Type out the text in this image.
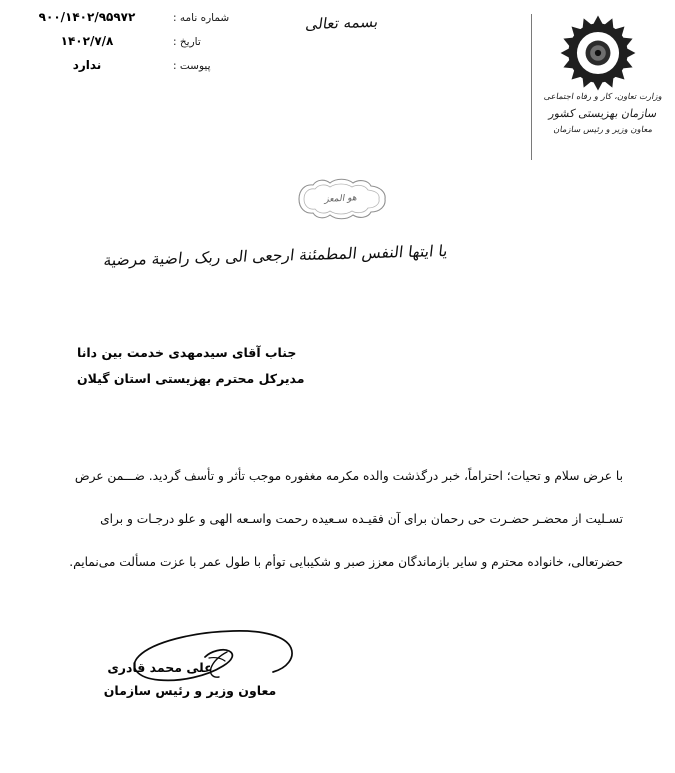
وزارت تعاون، کار و رفاه اجتماعی
سازمان بهزیستی کشور
معاون وزیر و رئیس سازمان
شماره نامه :
۹۰۰/۱۴۰۲/۹۵۹۷۲
تاریخ :
۱۴۰۲/۷/۸
پیوست :
ندارد
بسمه تعالی
هو المعز
یا ایتها النفس المطمئنة ارجعی الی ربک راضیة مرضیة
جناب آقای سیدمهدی خدمت بین دانا
مدیرکل محترم بهزیستی استان گیلان
با عرض سلام و تحیات؛ احتراماً، خبر درگذشت والده مکرمه مغفوره موجب تأثر و تأسف گردید. ضـــمن عرض
تسـلیت از محضـر حضـرت حی رحمان برای آن فقیـده سـعیده رحمت واسـعه الهی و علو درجـات و برای
حضرتعالی، خانواده محترم و سایر بازماندگان معزز صبر و شکیبایی توأم با طول عمر با عزت مسألت می‌نمایم.
علی محمد قادری
معاون وزیر و رئیس سازمان
